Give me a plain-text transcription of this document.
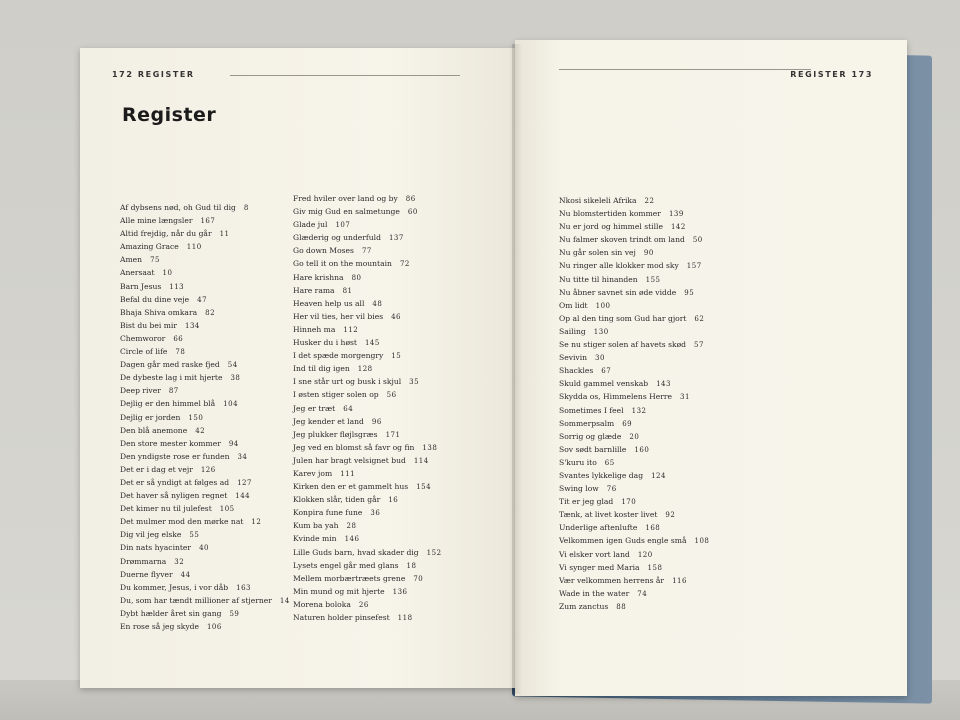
172 REGISTER
Register
Af dybsens nød, oh Gud til dig 8
Alle mine længsler 167
Altid frejdig, når du går 11
Amazing Grace 110
Amen 75
Anersaat 10
Barn Jesus 113
Befal du dine veje 47
Bhaja Shiva omkara 82
Bist du bei mir 134
Chemworor 66
Circle of life 78
Dagen går med raske fjed 54
De dybeste lag i mit hjerte 38
Deep river 87
Dejlig er den himmel blå 104
Dejlig er jorden 150
Den blå anemone 42
Den store mester kommer 94
Den yndigste rose er funden 34
Det er i dag et vejr 126
Det er så yndigt at følges ad 127
Det haver så nyligen regnet 144
Det kimer nu til julefest 105
Det mulmer mod den mørke nat 12
Dig vil jeg elske 55
Din nats hyacinter 40
Drømmarna 32
Duerne flyver 44
Du kommer, Jesus, i vor dåb 163
Du, som har tændt millioner af stjerner 14
Dybt hælder året sin gang 59
En rose så jeg skyde 106
Fred hviler over land og by 86
Giv mig Gud en salmetunge 60
Glade jul 107
Glæderig og underfuld 137
Go down Moses 77
Go tell it on the mountain 72
Hare krishna 80
Hare rama 81
Heaven help us all 48
Her vil ties, her vil bies 46
Hinneh ma 112
Husker du i høst 145
I det spæde morgengry 15
Ind til dig igen 128
I sne står urt og busk i skjul 35
I østen stiger solen op 56
Jeg er træt 64
Jeg kender et land 96
Jeg plukker fløjlsgræs 171
Jeg ved en blomst så favr og fin 138
Julen har bragt velsignet bud 114
Karev jom 111
Kirken den er et gammelt hus 154
Klokken slår, tiden går 16
Konpira fune fune 36
Kum ba yah 28
Kvinde min 146
Lille Guds barn, hvad skader dig 152
Lysets engel går med glans 18
Mellem morbærtræets grene 70
Min mund og mit hjerte 136
Morena boloka 26
Naturen holder pinsefest 118
REGISTER 173
Nkosi sikeleli Afrika 22
Nu blomstertiden kommer 139
Nu er jord og himmel stille 142
Nu falmer skoven trindt om land 50
Nu går solen sin vej 90
Nu ringer alle klokker mod sky 157
Nu titte til hinanden 155
Nu åbner savnet sin øde vidde 95
Om lidt 100
Op al den ting som Gud har gjort 62
Sailing 130
Se nu stiger solen af havets skød 57
Sevivin 30
Shackles 67
Skuld gammel venskab 143
Skydda os, Himmelens Herre 31
Sometimes I feel 132
Sommerpsalm 69
Sorrig og glæde 20
Sov sødt barnlille 160
S'kuru ito 65
Svantes lykkelige dag 124
Swing low 76
Tit er jeg glad 170
Tænk, at livet koster livet 92
Underlige aftenlufte 168
Velkommen igen Guds engle små 108
Vi elsker vort land 120
Vi synger med Maria 158
Vær velkommen herrens år 116
Wade in the water 74
Zum zanctus 88
